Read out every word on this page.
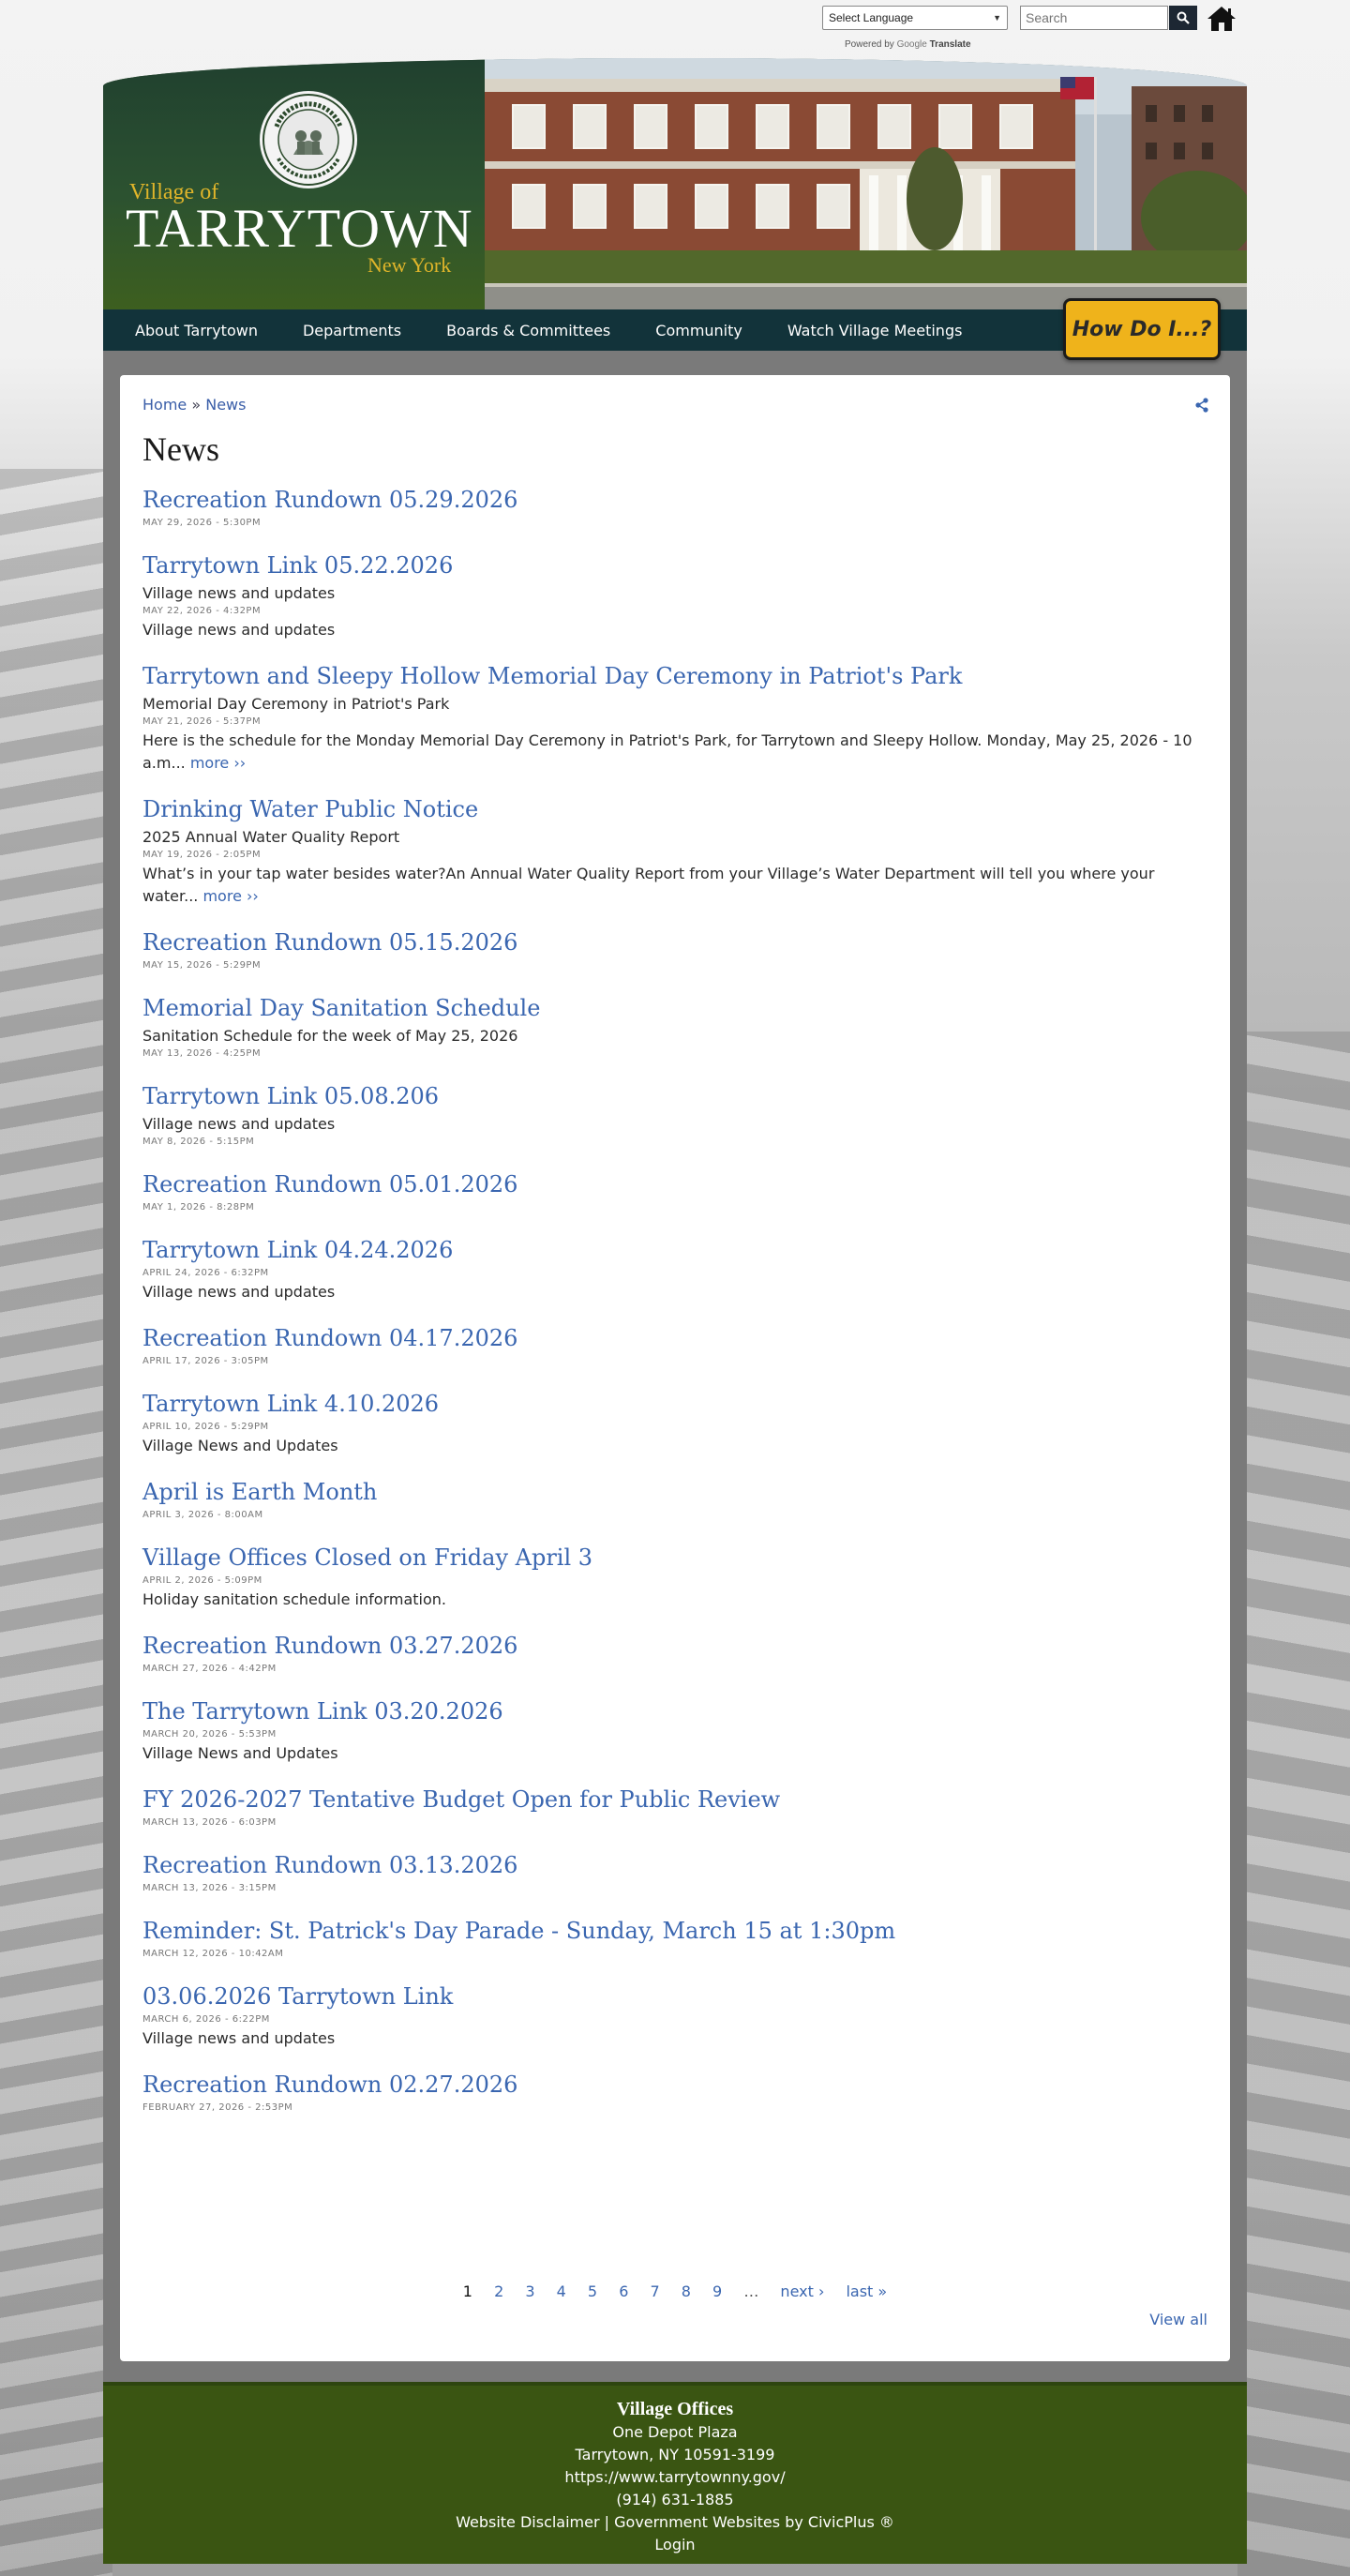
Select Language	▼
Powered by Google Translate
Search
Village of
TARRYTOWN
New York
About Tarrytown	Departments	Boards & Committees	Community	Watch Village Meetings	How Do I...?
Home » News
News
Recreation Rundown 05.29.2026
MAY 29, 2026 - 5:30PM
Tarrytown Link 05.22.2026
Village news and updates
MAY 22, 2026 - 4:32PM
Village news and updates
Tarrytown and Sleepy Hollow Memorial Day Ceremony in Patriot's Park
Memorial Day Ceremony in Patriot's Park
MAY 21, 2026 - 5:37PM
Here is the schedule for the Monday Memorial Day Ceremony in Patriot's Park, for Tarrytown and Sleepy Hollow. Monday, May 25, 2026 - 10 a.m... more ››
Drinking Water Public Notice
2025 Annual Water Quality Report
MAY 19, 2026 - 2:05PM
What’s in your tap water besides water?An Annual Water Quality Report from your Village’s Water Department will tell you where your water... more ››
Recreation Rundown 05.15.2026
MAY 15, 2026 - 5:29PM
Memorial Day Sanitation Schedule
Sanitation Schedule for the week of May 25, 2026
MAY 13, 2026 - 4:25PM
Tarrytown Link 05.08.206
Village news and updates
MAY 8, 2026 - 5:15PM
Recreation Rundown 05.01.2026
MAY 1, 2026 - 8:28PM
Tarrytown Link 04.24.2026
APRIL 24, 2026 - 6:32PM
Village news and updates
Recreation Rundown 04.17.2026
APRIL 17, 2026 - 3:05PM
Tarrytown Link 4.10.2026
APRIL 10, 2026 - 5:29PM
Village News and Updates
April is Earth Month
APRIL 3, 2026 - 8:00AM
Village Offices Closed on Friday April 3
APRIL 2, 2026 - 5:09PM
Holiday sanitation schedule information.
Recreation Rundown 03.27.2026
MARCH 27, 2026 - 4:42PM
The Tarrytown Link 03.20.2026
MARCH 20, 2026 - 5:53PM
Village News and Updates
FY 2026-2027 Tentative Budget Open for Public Review
MARCH 13, 2026 - 6:03PM
Recreation Rundown 03.13.2026
MARCH 13, 2026 - 3:15PM
Reminder: St. Patrick's Day Parade - Sunday, March 15 at 1:30pm
MARCH 12, 2026 - 10:42AM
03.06.2026 Tarrytown Link
MARCH 6, 2026 - 6:22PM
Village news and updates
Recreation Rundown 02.27.2026
FEBRUARY 27, 2026 - 2:53PM
1 2 3 4 5 6 7 8 9 … next › last »
View all
Village Offices
One Depot Plaza
Tarrytown, NY 10591-3199
https://www.tarrytownny.gov/
(914) 631-1885
Website Disclaimer | Government Websites by CivicPlus ®
Login
